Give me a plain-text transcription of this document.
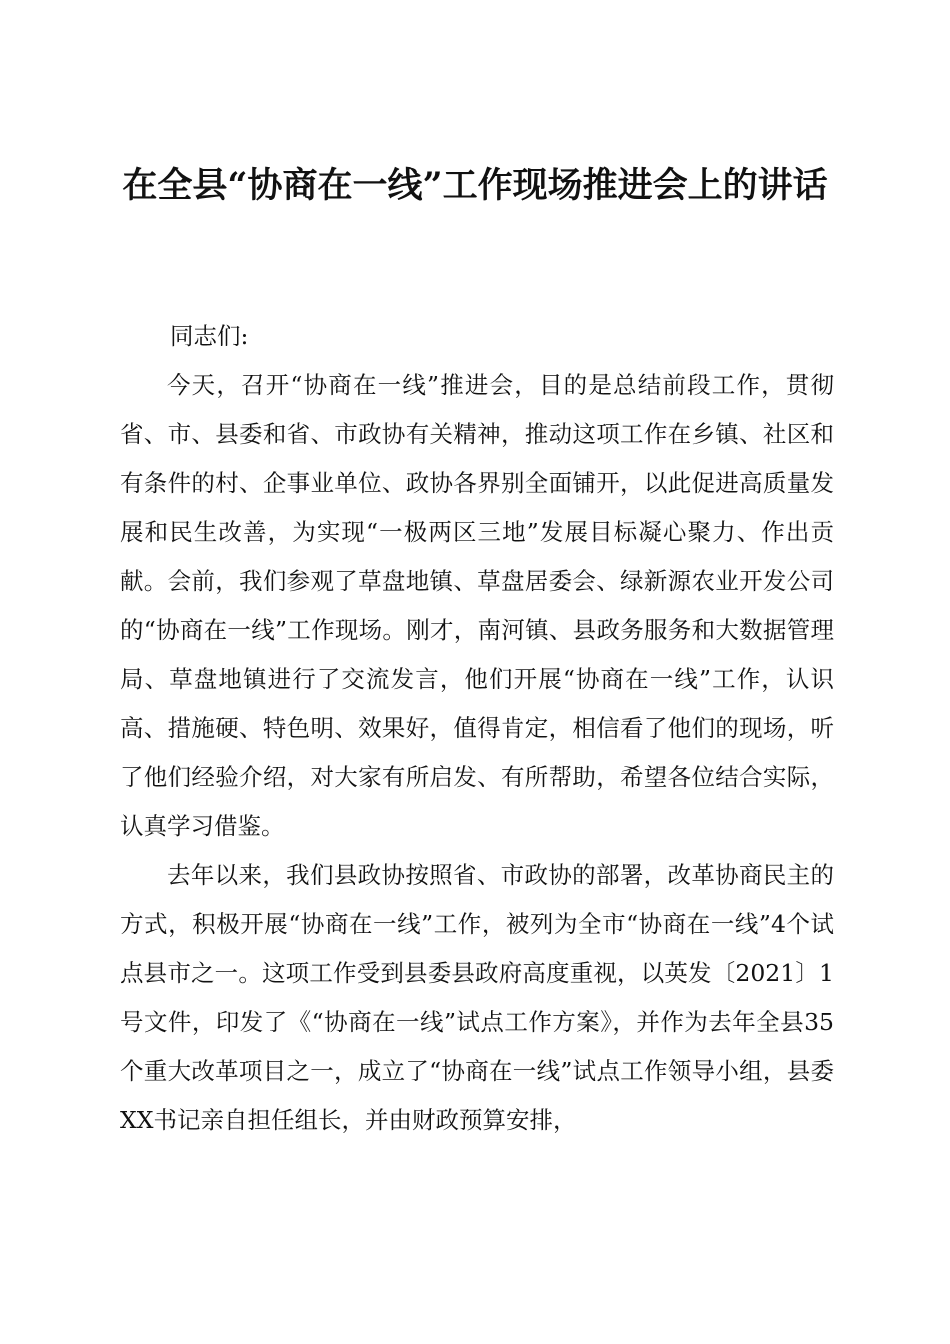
在全县“协商在一线”工作现场推进会上的讲话

同志们:

今天，召开“协商在一线”推进会，目的是总结前段工作，贯彻省、市、县委和省、市政协有关精神，推动这项工作在乡镇、社区和有条件的村、企事业单位、政协各界别全面铺开，以此促进高质量发展和民生改善，为实现“一极两区三地”发展目标凝心聚力、作出贡献。会前，我们参观了草盘地镇、草盘居委会、绿新源农业开发公司的“协商在一线”工作现场。刚才，南河镇、县政务服务和大数据管理局、草盘地镇进行了交流发言，他们开展“协商在一线”工作，认识高、措施硬、特色明、效果好，值得肯定，相信看了他们的现场，听了他们经验介绍，对大家有所启发、有所帮助，希望各位结合实际，认真学习借鉴。

去年以来，我们县政协按照省、市政协的部署，改革协商民主的方式，积极开展“协商在一线”工作，被列为全市“协商在一线”4个试点县市之一。这项工作受到县委县政府高度重视，以英发〔2021〕1号文件，印发了《“协商在一线”试点工作方案》，并作为去年全县35个重大改革项目之一，成立了“协商在一线”试点工作领导小组，县委XX书记亲自担任组长，并由财政预算安排，
